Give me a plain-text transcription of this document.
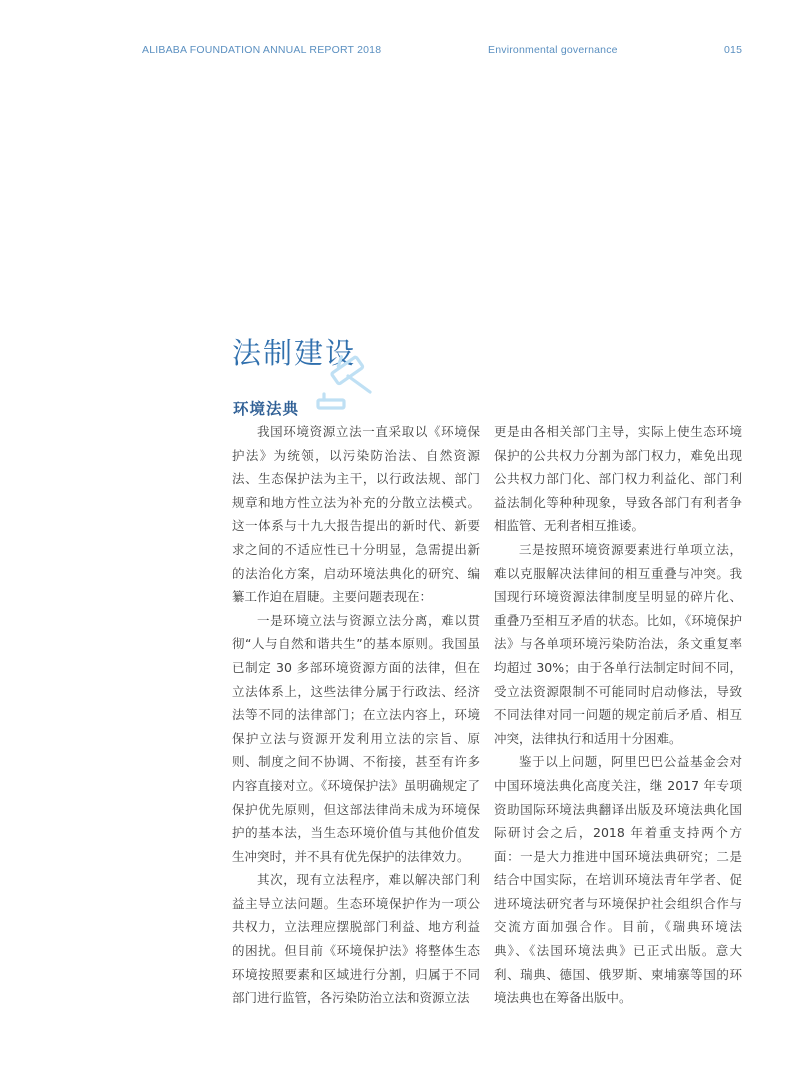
ALIBABA FOUNDATION ANNUAL REPORT 2018	Environmental governance	015
法制建设
环境法典

我国环境资源立法一直采取以《环境保护法》为统领，以污染防治法、自然资源法、生态保护法为主干，以行政法规、部门规章和地方性立法为补充的分散立法模式。这一体系与十九大报告提出的新时代、新要求之间的不适应性已十分明显，急需提出新的法治化方案，启动环境法典化的研究、编纂工作迫在眉睫。主要问题表现在：

一是环境立法与资源立法分离，难以贯彻“人与自然和谐共生”的基本原则。我国虽已制定 30 多部环境资源方面的法律，但在立法体系上，这些法律分属于行政法、经济法等不同的法律部门；在立法内容上，环境保护立法与资源开发利用立法的宗旨、原则、制度之间不协调、不衔接，甚至有许多内容直接对立。《环境保护法》虽明确规定了保护优先原则，但这部法律尚未成为环境保护的基本法，当生态环境价值与其他价值发生冲突时，并不具有优先保护的法律效力。

其次，现有立法程序，难以解决部门利益主导立法问题。生态环境保护作为一项公共权力，立法理应摆脱部门利益、地方利益的困扰。但目前《环境保护法》将整体生态环境按照要素和区域进行分割，归属于不同部门进行监管，各污染防治立法和资源立法

更是由各相关部门主导，实际上使生态环境保护的公共权力分割为部门权力，难免出现公共权力部门化、部门权力利益化、部门利益法制化等种种现象，导致各部门有利者争相监管、无利者相互推诿。

三是按照环境资源要素进行单项立法，难以克服解决法律间的相互重叠与冲突。我国现行环境资源法律制度呈明显的碎片化、重叠乃至相互矛盾的状态。比如，《环境保护法》与各单项环境污染防治法，条文重复率均超过 30%；由于各单行法制定时间不同，受立法资源限制不可能同时启动修法，导致不同法律对同一问题的规定前后矛盾、相互冲突，法律执行和适用十分困难。

鉴于以上问题，阿里巴巴公益基金会对中国环境法典化高度关注，继 2017 年专项资助国际环境法典翻译出版及环境法典化国际研讨会之后，2018 年着重支持两个方面：一是大力推进中国环境法典研究；二是结合中国实际，在培训环境法青年学者、促进环境法研究者与环境保护社会组织合作与交流方面加强合作。目前，《瑞典环境法典》、《法国环境法典》已正式出版。意大利、瑞典、德国、俄罗斯、柬埔寨等国的环境法典也在筹备出版中。
